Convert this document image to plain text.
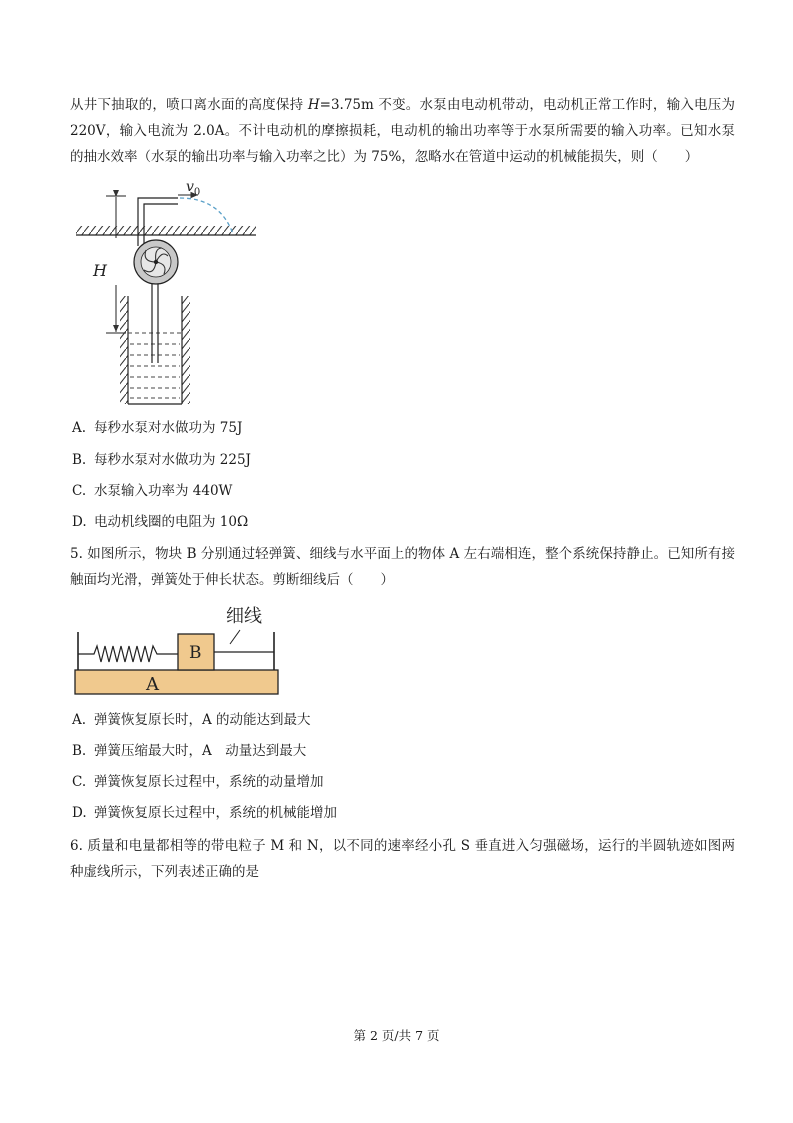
从井下抽取的，喷口离水面的高度保持 H=3.75m 不变。水泵由电动机带动，电动机正常工作时，输入电压为 220V，输入电流为 2.0A。不计电动机的摩擦损耗，电动机的输出功率等于水泵所需要的输入功率。已知水泵的抽水效率（水泵的输出功率与输入功率之比）为 75%，忽略水在管道中运动的机械能损失，则（　　）

H
$v_0$
A. 每秒水泵对水做功为 75J
B. 每秒水泵对水做功为 225J
C. 水泵输入功率为 440W
D. 电动机线圈的电阻为 10Ω

5. 如图所示，物块 B 分别通过轻弹簧、细线与水平面上的物体 A 左右端相连，整个系统保持静止。已知所有接触面均光滑，弹簧处于伸长状态。剪断细线后（　　）

A
B
细线
A. 弹簧恢复原长时，A 的动能达到最大
B. 弹簧压缩最大时，A　动量达到最大
C. 弹簧恢复原长过程中，系统的动量增加
D. 弹簧恢复原长过程中，系统的机械能增加

6. 质量和电量都相等的带电粒子 M 和 N，以不同的速率经小孔 S 垂直进入匀强磁场，运行的半圆轨迹如图两种虚线所示，下列表述正确的是

第 2 页/共 7 页
